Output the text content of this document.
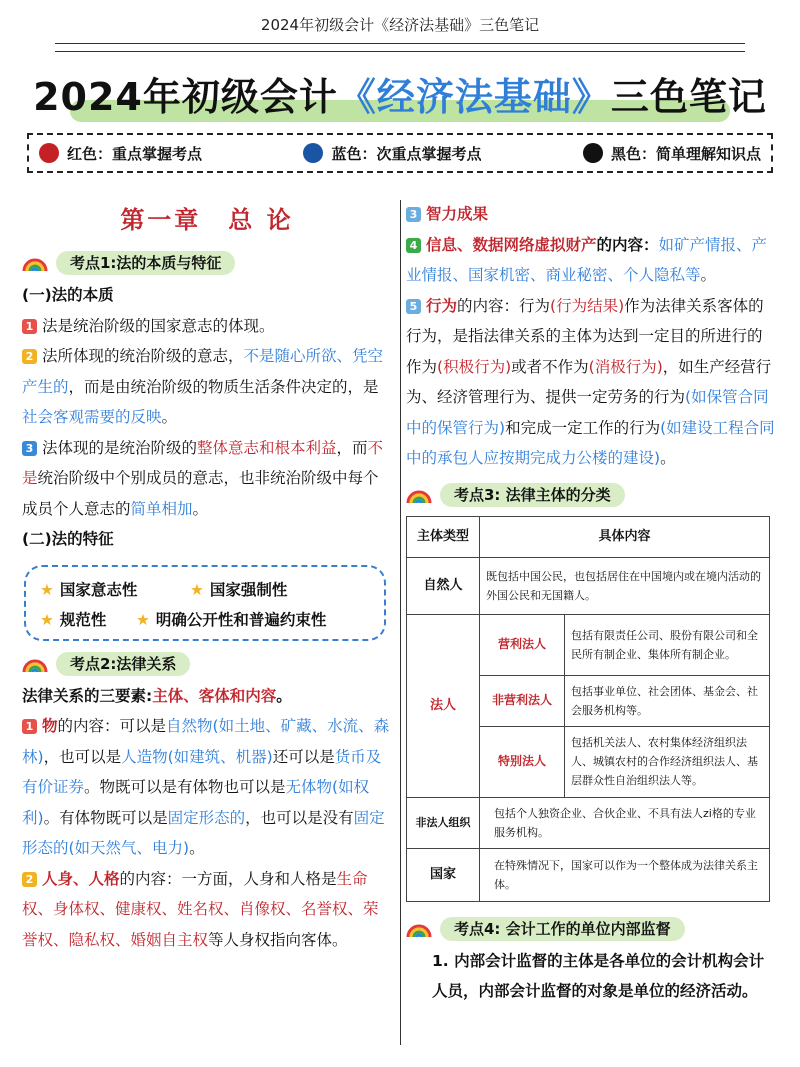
2024年初级会计《经济法基础》三色笔记
2024年初级会计《经济法基础》三色笔记
红色：重点掌握考点	蓝色：次重点掌握考点	黑色：简单理解知识点
第一章　总 论
考点1:法的本质与特征
(一)法的本质
1 法是统治阶级的国家意志的体现。
2 法所体现的统治阶级的意志，不是随心所欲、凭空产生的，而是由统治阶级的物质生活条件决定的，是社会客观需要的反映。
3 法体现的是统治阶级的整体意志和根本利益，而不是统治阶级中个别成员的意志，也非统治阶级中每个成员个人意志的简单相加。
(二)法的特征
★ 国家意志性	★ 国家强制性
★ 规范性	★ 明确公开性和普遍约束性
考点2:法律关系
法律关系的三要素:主体、客体和内容。
1 物的内容：可以是自然物(如土地、矿藏、水流、森林)，也可以是人造物(如建筑、机器)还可以是货币及有价证券。物既可以是有体物也可以是无体物(如权利)。有体物既可以是固定形态的，也可以是没有固定形态的(如天然气、电力)。
2 人身、人格的内容：一方面，人身和人格是生命权、身体权、健康权、姓名权、肖像权、名誉权、荣誉权、隐私权、婚姻自主权等人身权指向客体。
3 智力成果
4 信息、数据网络虚拟财产的内容：如矿产情报、产业情报、国家机密、商业秘密、个人隐私等。
5 行为的内容：行为(行为结果)作为法律关系客体的行为，是指法律关系的主体为达到一定目的所进行的作为(积极行为)或者不作为(消极行为)，如生产经营行为、经济管理行为、提供一定劳务的行为(如保管合同中的保管行为)和完成一定工作的行为(如建设工程合同中的承包人应按期完成力公楼的建设)。
考点3: 法律主体的分类
主体类型	具体内容	
自然人	既包括中国公民，也包括居住在中国境内或在境内活动的外国公民和无国籍人。	
法人	营利法人	包括有限责任公司、股份有限公司和全民所有制企业、集体所有制企业。
	非营利法人	包括事业单位、社会团体、基金会、社会服务机构等。
	特别法人	包括机关法人、农村集体经济组织法人、城镇农村的合作经济组织法人、基层群众性自治组织法人等。
非法人组织	包括个人独资企业、合伙企业、不具有法人zi格的专业服务机构。	
国家	在特殊情况下，国家可以作为一个整体成为法律关系主体。	
考点4: 会计工作的单位内部监督
1. 内部会计监督的主体是各单位的会计机构会计人员，内部会计监督的对象是单位的经济活动。
